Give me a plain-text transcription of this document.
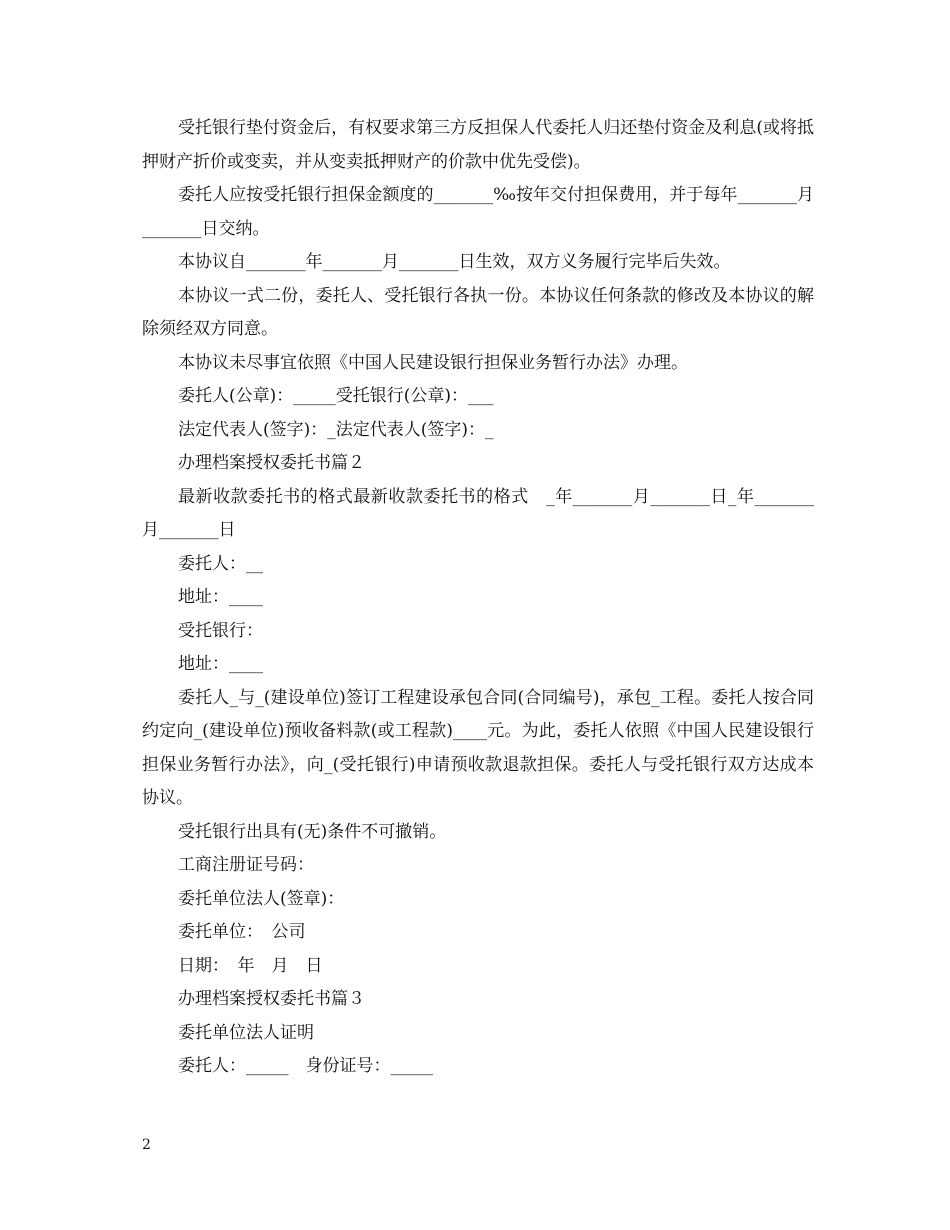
受托银行垫付资金后，有权要求第三方反担保人代委托人归还垫付资金及利息(或将抵押财产折价或变卖，并从变卖抵押财产的价款中优先受偿)。

委托人应按受托银行担保金额度的_______‰按年交付担保费用，并于每年_______月_______日交纳。

本协议自_______年_______月_______日生效，双方义务履行完毕后失效。

本协议一式二份，委托人、受托银行各执一份。本协议任何条款的修改及本协议的解除须经双方同意。

本协议未尽事宜依照《中国人民建设银行担保业务暂行办法》办理。

委托人(公章)：_____受托银行(公章)：___

法定代表人(签字)：_法定代表人(签字)：_

办理档案授权委托书篇２

最新收款委托书的格式最新收款委托书的格式　_年_______月_______日_年_______月_______日

委托人：__

地址：____

受托银行：

地址：____

委托人_与_(建设单位)签订工程建设承包合同(合同编号)，承包_工程。委托人按合同约定向_(建设单位)预收备料款(或工程款)____元。为此，委托人依照《中国人民建设银行担保业务暂行办法》，向_(受托银行)申请预收款退款担保。委托人与受托银行双方达成本协议。

受托银行出具有(无)条件不可撤销。

工商注册证号码：

委托单位法人(签章)：

委托单位：　公司

日期：　年　月　日

办理档案授权委托书篇３

委托单位法人证明

委托人：_____　身份证号：_____

2
